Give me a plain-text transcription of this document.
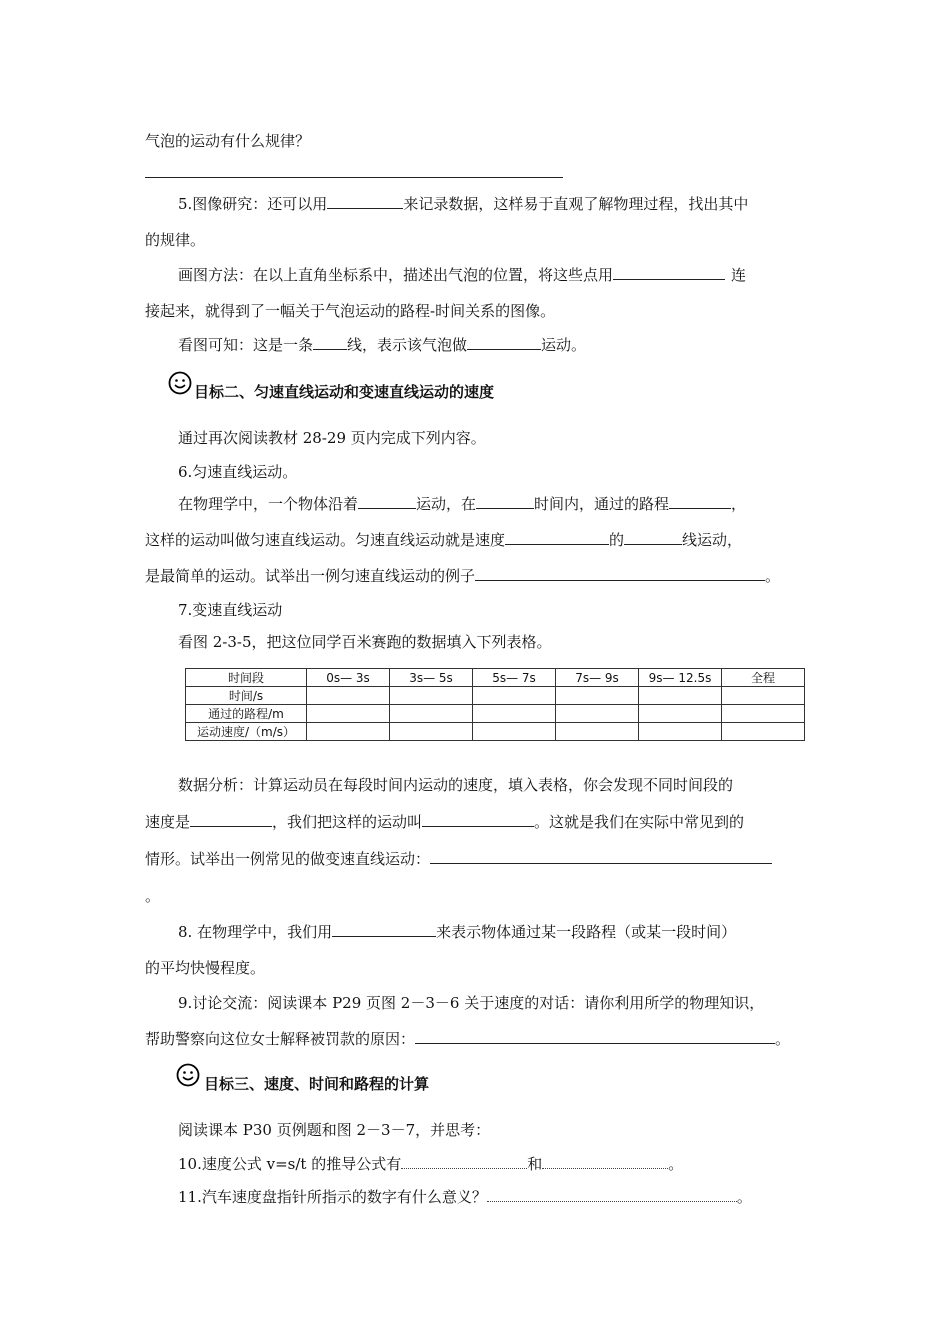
气泡的运动有什么规律？
5.图像研究：还可以用	来记录数据，这样易于直观了解物理过程，找出其中
的规律。
画图方法：在以上直角坐标系中，描述出气泡的位置，将这些点用	连
接起来，就得到了一幅关于气泡运动的路程-时间关系的图像。
看图可知：这是一条 线，表示该气泡做	运动。
目标二、匀速直线运动和变速直线运动的速度
通过再次阅读教材 28-29 页内完成下列内容。
6.匀速直线运动。
在物理学中，一个物体沿着	运动，在	时间内，通过的路程	，
这样的运动叫做匀速直线运动。匀速直线运动就是速度	的	线运动，
是最简单的运动。试举出一例匀速直线运动的例子	。
7.变速直线运动
看图 2-3-5，把这位同学百米赛跑的数据填入下列表格。
时间段	0s— 3s	3s— 5s	5s— 7s	7s— 9s	9s— 12.5s	全程
时间/s						
通过的路程/m						
运动速度/（m/s）						
数据分析：计算运动员在每段时间内运动的速度，填入表格，你会发现不同时间段的
速度是	，我们把这样的运动叫	。这就是我们在实际中常见到的
情形。试举出一例常见的做变速直线运动：
。
8. 在物理学中，我们用	来表示物体通过某一段路程（或某一段时间）
的平均快慢程度。
9.讨论交流：阅读课本 P29 页图 2－3－6 关于速度的对话：请你利用所学的物理知识，
帮助警察向这位女士解释被罚款的原因：	。
目标三、速度、时间和路程的计算
阅读课本 P30 页例题和图 2－3－7，并思考：
10.速度公式 v=s/t 的推导公式有	和	。
11.汽车速度盘指针所指示的数字有什么意义？	。
